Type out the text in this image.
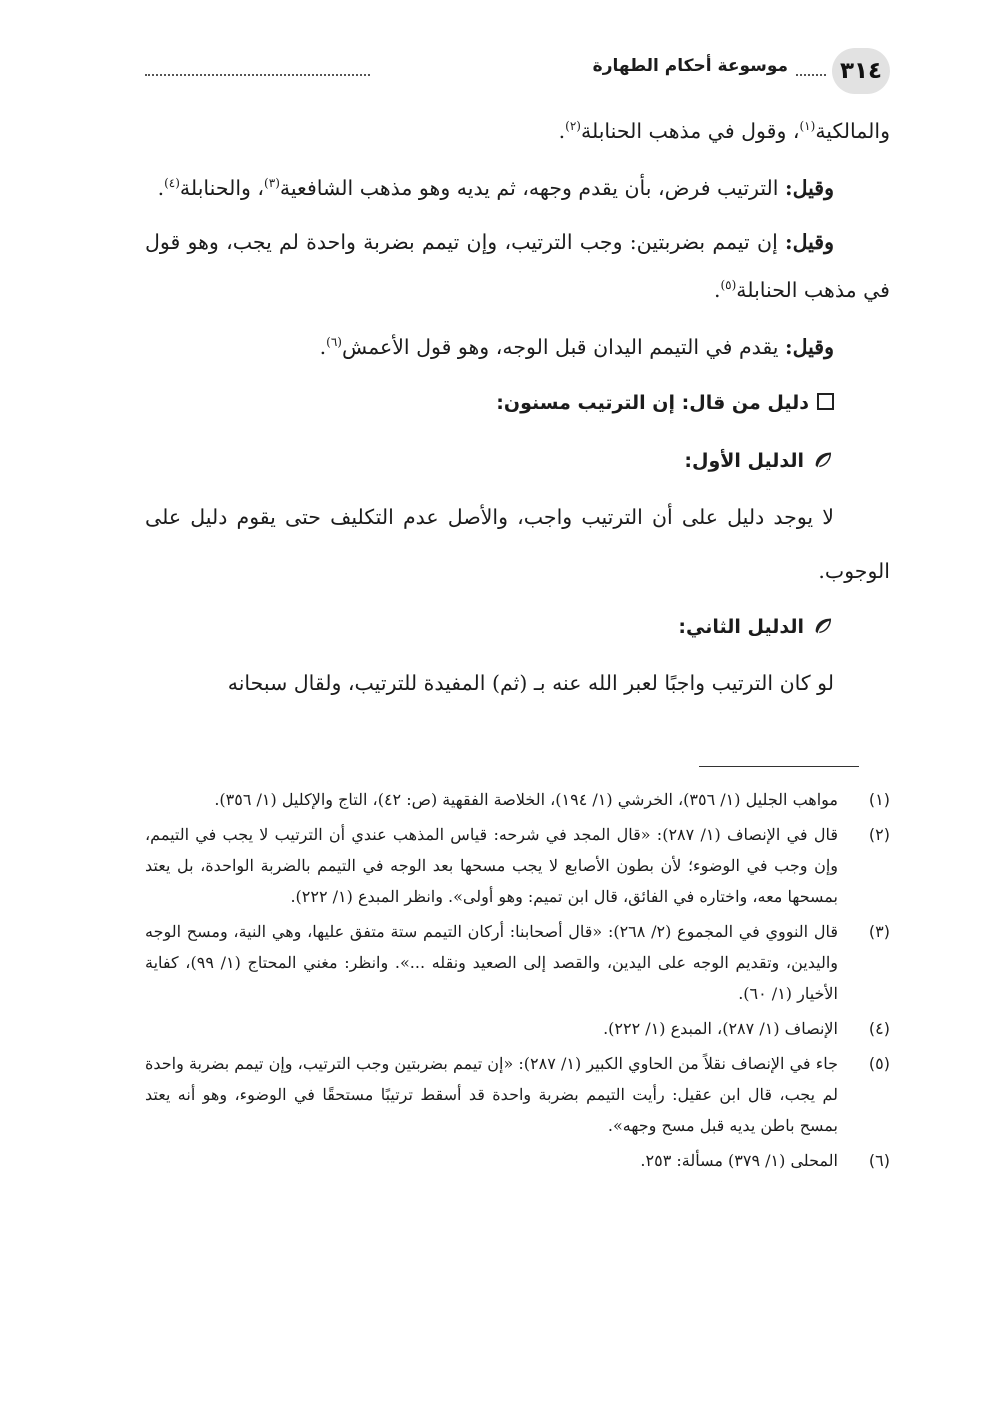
٣١٤
موسوعة أحكام الطهارة

والمالكية$^{(١)}$، وقول في مذهب الحنابلة$^{(٢)}$.

وقيل: الترتيب فرض، بأن يقدم وجهه، ثم يديه وهو مذهب الشافعية$^{(٣)}$، والحنابلة$^{(٤)}$.

وقيل: إن تيمم بضربتين: وجب الترتيب، وإن تيمم بضربة واحدة لم يجب، وهو قول في مذهب الحنابلة$^{(٥)}$.

وقيل: يقدم في التيمم اليدان قبل الوجه، وهو قول الأعمش$^{(٦)}$.

دليل من قال: إن الترتيب مسنون:
الدليل الأول:

لا يوجد دليل على أن الترتيب واجب، والأصل عدم التكليف حتى يقوم دليل على الوجوب.

الدليل الثاني:

لو كان الترتيب واجبًا لعبر الله عنه بـ (ثم) المفيدة للترتيب، ولقال سبحانه

(١)
مواهب الجليل (١/ ٣٥٦)، الخرشي (١/ ١٩٤)، الخلاصة الفقهية (ص: ٤٢)، التاج والإكليل (١/ ٣٥٦).
(٢)
قال في الإنصاف (١/ ٢٨٧): «قال المجد في شرحه: قياس المذهب عندي أن الترتيب لا يجب في التيمم، وإن وجب في الوضوء؛ لأن بطون الأصابع لا يجب مسحها بعد الوجه في التيمم بالضربة الواحدة، بل يعتد بمسحها معه، واختاره في الفائق، قال ابن تميم: وهو أولى». وانظر المبدع (١/ ٢٢٢).
(٣)
قال النووي في المجموع (٢/ ٢٦٨): «قال أصحابنا: أركان التيمم ستة متفق عليها، وهي النية، ومسح الوجه واليدين، وتقديم الوجه على اليدين، والقصد إلى الصعيد ونقله ...». وانظر: مغني المحتاج (١/ ٩٩)، كفاية الأخيار (١/ ٦٠).
(٤)
الإنصاف (١/ ٢٨٧)، المبدع (١/ ٢٢٢).
(٥)
جاء في الإنصاف نقلاً من الحاوي الكبير (١/ ٢٨٧): «إن تيمم بضربتين وجب الترتيب، وإن تيمم بضربة واحدة لم يجب، قال ابن عقيل: رأيت التيمم بضربة واحدة قد أسقط ترتيبًا مستحقًا في الوضوء، وهو أنه يعتد بمسح باطن يديه قبل مسح وجهه».
(٦)
المحلى (١/ ٣٧٩) مسألة: ٢٥٣.
